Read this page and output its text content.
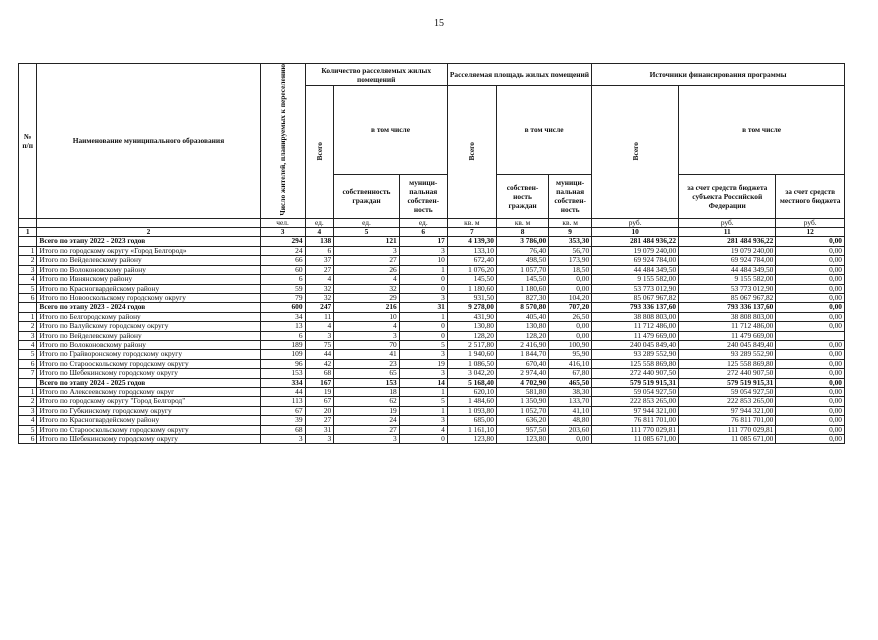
15
№ п/п	Наименование муниципального образования	Число жителей, планируемых к переселению	Количество расселяемых жилых помещений			Расселяемая площадь жилых помещений			Источники финансирования программы		
			Всего	в том числе		Всего	в том числе		Всего	в том числе	
				собственность граждан	муници-пальная собствен-ность		собствен-ность граждан	муници-пальная собствен-ность		за счет средств бюджета субъекта Российской Федерации	за счет средств местного бюджета
		чел.	ед.	ед.	ед.	кв. м	кв. м	кв. м	руб.	руб.	руб.
1	2	3	4	5	6	7	8	9	10	11	12
	Всего по этапу 2022 - 2023 годов	294	138	121	17	4 139,30	3 786,00	353,30	281 484 936,22	281 484 936,22	0,00
1	Итого по городскому округу «Город Белгород»	24	6	3	3	133,10	76,40	56,70	19 079 240,00	19 079 240,00	0,00
2	Итого по Вейделевскому району	66	37	27	10	672,40	498,50	173,90	69 924 784,00	69 924 784,00	0,00
3	Итого по Волоконовскому району	60	27	26	1	1 076,20	1 057,70	18,50	44 484 349,50	44 484 349,50	0,00
4	Итого по Ивнянскому району	6	4	4	0	145,50	145,50	0,00	9 155 582,00	9 155 582,00	0,00
5	Итого по Красногвардейскому району	59	32	32	0	1 180,60	1 180,60	0,00	53 773 012,90	53 773 012,90	0,00
6	Итого по Новооскольскому городскому округу	79	32	29	3	931,50	827,30	104,20	85 067 967,82	85 067 967,82	0,00
	Всего по этапу 2023 - 2024 годов	600	247	216	31	9 278,00	8 570,80	707,20	793 336 137,60	793 336 137,60	0,00
1	Итого по Белгородскому району	34	11	10	1	431,90	405,40	26,50	38 808 803,00	38 808 803,00	0,00
2	Итого по Валуйскому городскому округу	13	4	4	0	130,80	130,80	0,00	11 712 486,00	11 712 486,00	0,00
3	Итого по Вейделевскому району	6	3	3	0	128,20	128,20	0,00	11 479 669,00	11 479 669,00	
4	Итого по Волоконовскому району	189	75	70	5	2 517,80	2 416,90	100,90	240 045 849,40	240 045 849,40	0,00
5	Итого по Грайворонскому городскому округу	109	44	41	3	1 940,60	1 844,70	95,90	93 289 552,90	93 289 552,90	0,00
6	Итого по Старооскольскому городскому округу	96	42	23	19	1 086,50	670,40	416,10	125 558 869,80	125 558 869,80	0,00
7	Итого по Шебекинскому городскому округу	153	68	65	3	3 042,20	2 974,40	67,80	272 440 907,50	272 440 907,50	0,00
	Всего по этапу 2024 - 2025 годов	334	167	153	14	5 168,40	4 702,90	465,50	579 519 915,31	579 519 915,31	0,00
1	Итого по Алексеевскому городскому округ	44	19	18	1	620,10	581,80	38,30	59 054 927,50	59 054 927,50	0,00
2	Итого по городскому округу "Город Белгород"	113	67	62	5	1 484,60	1 350,90	133,70	222 853 265,00	222 853 265,00	0,00
3	Итого по Губкинскому городскому округу	67	20	19	1	1 093,80	1 052,70	41,10	97 944 321,00	97 944 321,00	0,00
4	Итого по Красногвардейскому району	39	27	24	3	685,00	636,20	48,80	76 811 701,00	76 811 701,00	0,00
5	Итого по Старооскольскому городскому округу	68	31	27	4	1 161,10	957,50	203,60	111 770 029,81	111 770 029,81	0,00
6	Итого по Шебекинскому городскому округу	3	3	3	0	123,80	123,80	0,00	11 085 671,00	11 085 671,00	0,00
